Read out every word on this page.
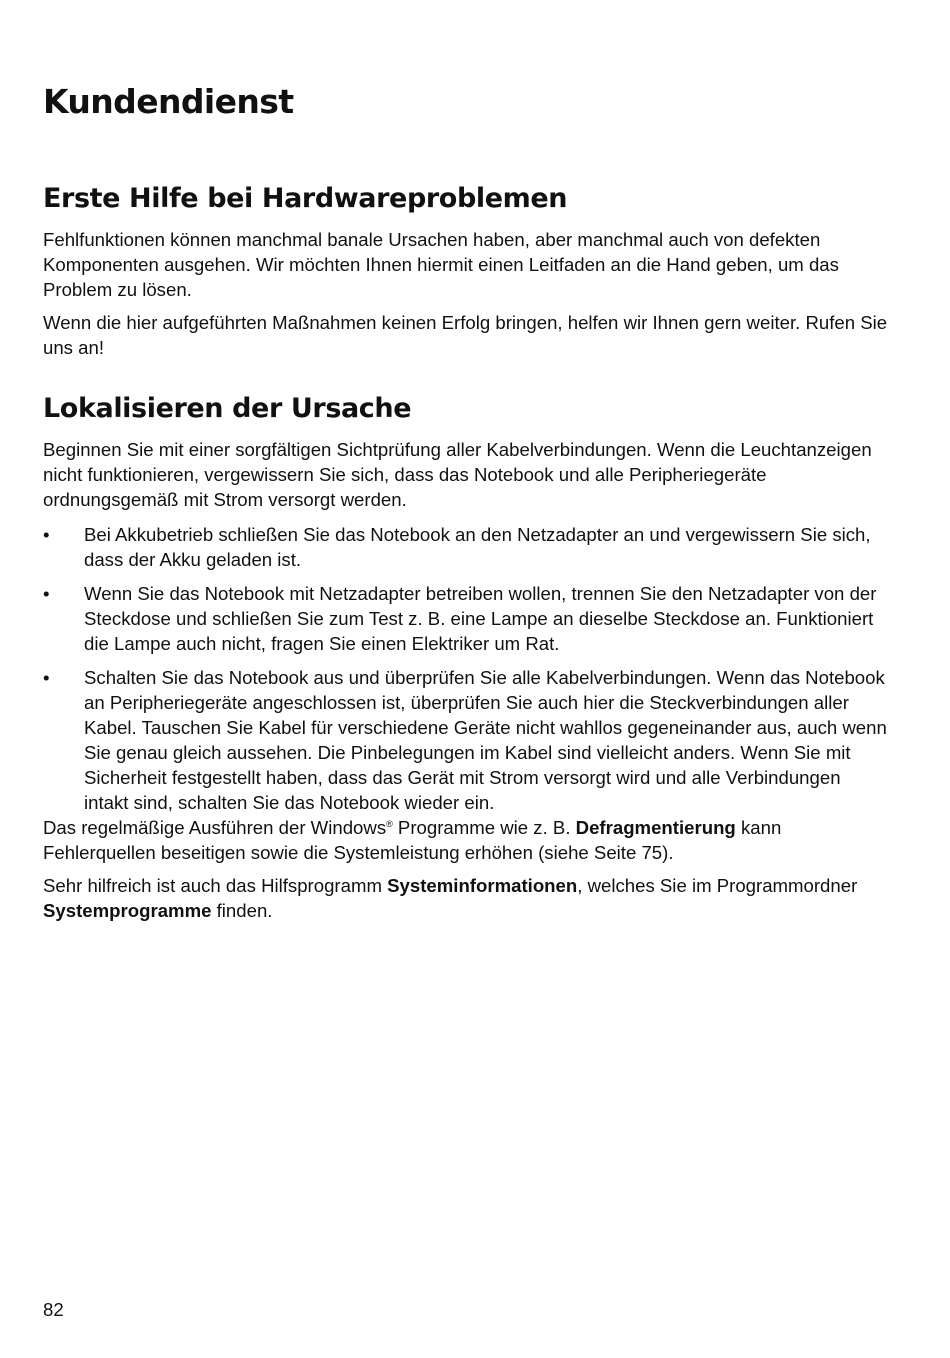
Kundendienst
Erste Hilfe bei Hardwareproblemen

Fehlfunktionen können manchmal banale Ursachen haben, aber manchmal auch von defekten Komponenten ausgehen. Wir möchten Ihnen hiermit einen Leitfaden an die Hand geben, um das Problem zu lösen.

Wenn die hier aufgeführten Maßnahmen keinen Erfolg bringen, helfen wir Ihnen gern weiter. Rufen Sie uns an!

Lokalisieren der Ursache

Beginnen Sie mit einer sorgfältigen Sichtprüfung aller Kabelverbindungen. Wenn die Leuchtanzeigen nicht funktionieren, vergewissern Sie sich, dass das Notebook und alle Peripheriegeräte ordnungsgemäß mit Strom versorgt werden.

• Bei Akkubetrieb schließen Sie das Notebook an den Netzadapter an und vergewissern Sie sich, dass der Akku geladen ist.
• Wenn Sie das Notebook mit Netzadapter betreiben wollen, trennen Sie den Netzadapter von der Steckdose und schließen Sie zum Test z. B. eine Lampe an dieselbe Steckdose an. Funktioniert die Lampe auch nicht, fragen Sie einen Elektriker um Rat.
• Schalten Sie das Notebook aus und überprüfen Sie alle Kabelverbindungen. Wenn das Notebook an Peripheriegeräte angeschlossen ist, überprüfen Sie auch hier die Steckverbindungen aller Kabel. Tauschen Sie Kabel für verschiedene Geräte nicht wahllos gegeneinander aus, auch wenn Sie genau gleich aussehen. Die Pinbelegungen im Kabel sind vielleicht anders. Wenn Sie mit Sicherheit festgestellt haben, dass das Gerät mit Strom versorgt wird und alle Verbindungen intakt sind, schalten Sie das Notebook wieder ein.

Das regelmäßige Ausführen der Windows® Programme wie z. B. Defragmentierung kann Fehlerquellen beseitigen sowie die Systemleistung erhöhen (siehe Seite 75).

Sehr hilfreich ist auch das Hilfsprogramm Systeminformationen, welches Sie im Programmordner Systemprogramme finden.

82
